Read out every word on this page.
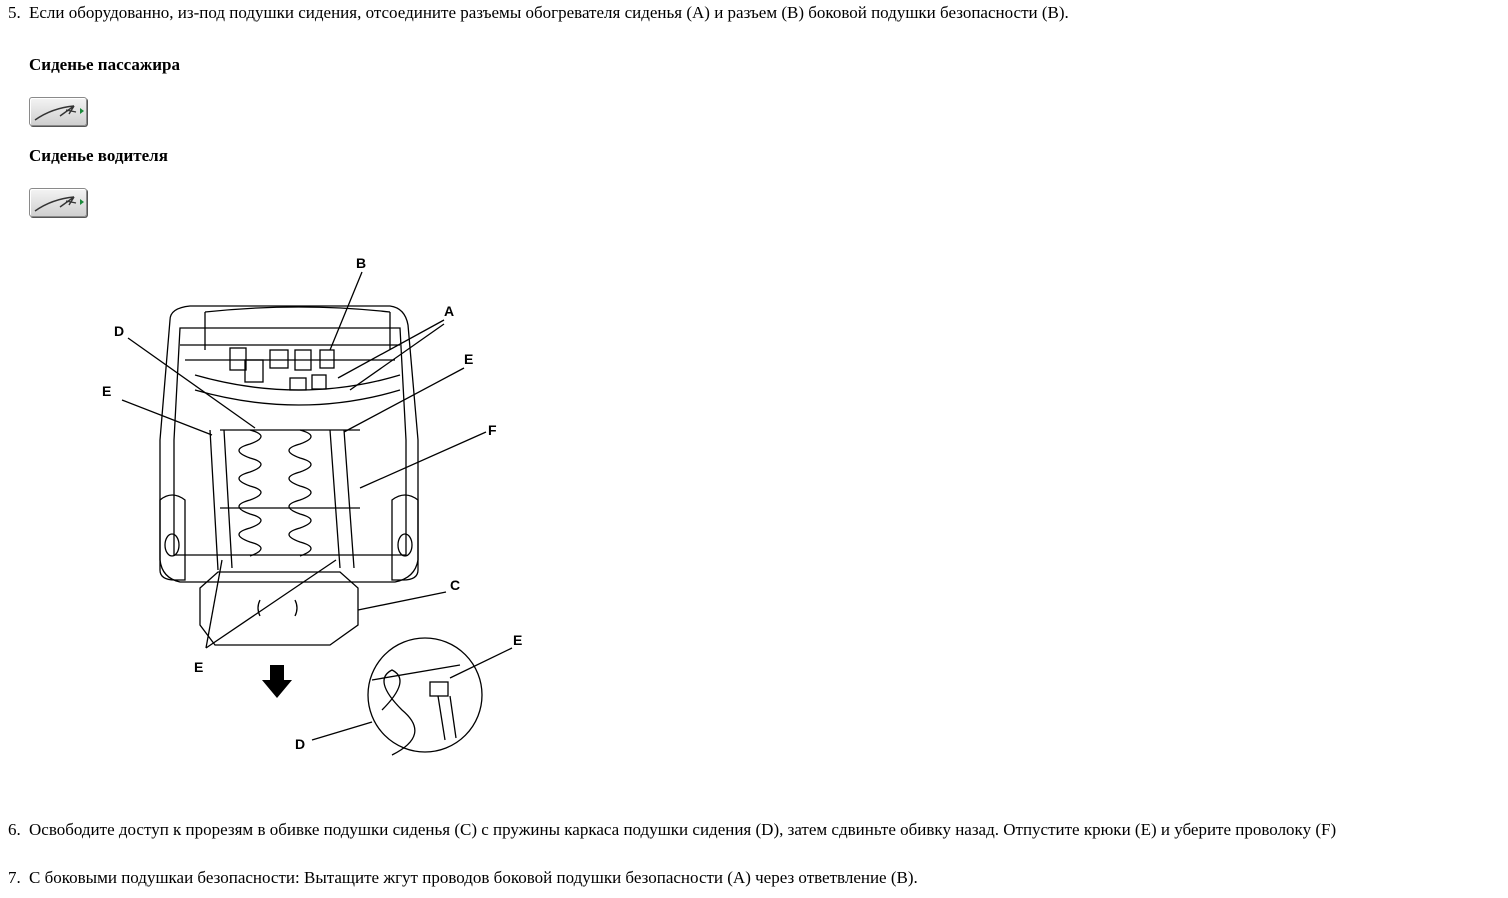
5. Если оборудованно, из-под подушки сидения, отсоедините разъемы обогревателя сиденья (A) и разъем (B) боковой подушки безопасности (B).
Сиденье пассажира
Сиденье водителя
B
A
D
E
E
F
C
E
E
D
6. Освободите доступ к прорезям в обивке подушки сиденья (C) с пружины каркаса подушки сидения (D), затем сдвиньте обивку назад. Отпустите крюки (E) и уберите проволоку (F)
7. С боковыми подушкаи безопасности: Вытащите жгут проводов боковой подушки безопасности (A) через ответвление (B).
